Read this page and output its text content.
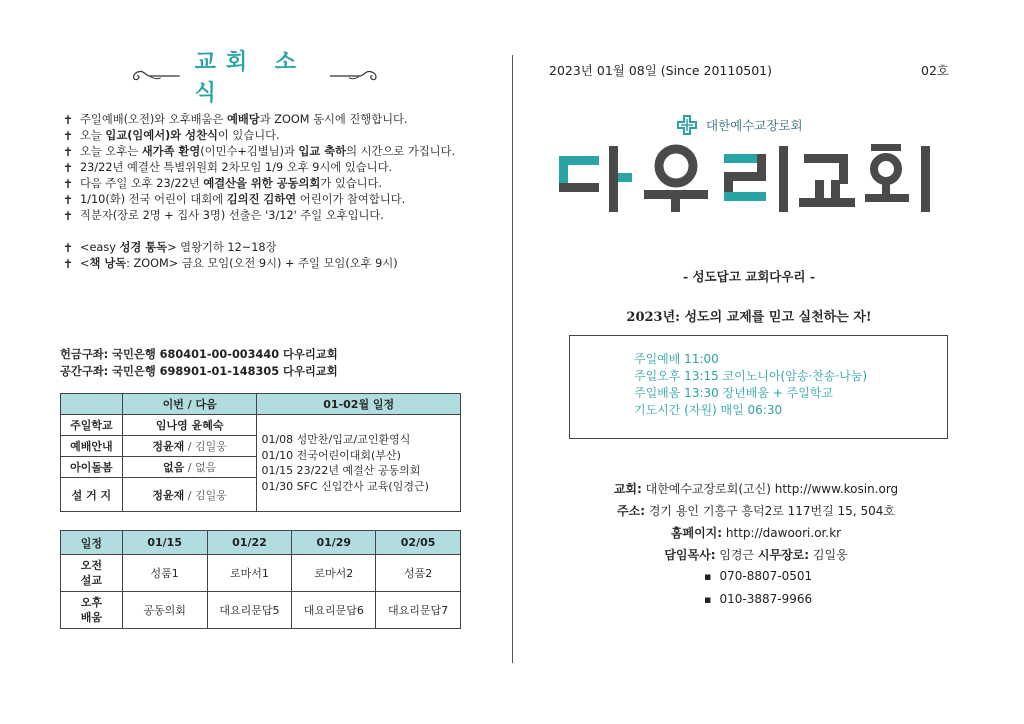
교회 소식
✝ 주일예배(오전)와 오후배움은 예배당과 ZOOM 동시에 진행합니다.
✝ 오늘 입교(임예서)와 성찬식이 있습니다.
✝ 오늘 오후는 새가족 환영(이민수+김별님)과 입교 축하의 시간으로 가집니다.
✝ 23/22년 예결산 특별위원회 2차모임 1/9 오후 9시에 있습니다.
✝ 다음 주일 오후 23/22년 예결산을 위한 공동의회가 있습니다.
✝ 1/10(화) 전국 어린이 대회에 김의진 김하연 어린이가 참여합니다.
✝ 직분자(장로 2명 + 집사 3명) 선출은 '3/12' 주일 오후입니다.
✝ <easy 성경 통독> 열왕기하 12~18장
✝ <책 낭독: ZOOM> 금요 모임(오전 9시) + 주일 모임(오후 9시)
헌금구좌: 국민은행 680401-00-003440 다우리교회
공간구좌: 국민은행 698901-01-148305 다우리교회
	이번 / 다음	01-02월 일정
주일학교	임나영 윤혜숙	01/08 성만찬/입교/교인환영식
01/10 전국어린이대회(부산)
01/15 23/22년 예결산 공동의회
01/30 SFC 신입간사 교육(임경근)

예배안내	정윤재 / 김일웅	
아이돌봄	없음 / 없음	
설 거 지	정윤재 / 김일웅	
일정	01/15	01/22	01/29	02/05
오전
설교	성품1	로마서1	로마서2	성품2
오후
배움	공동의회	대요리문답5	대요리문답6	대요리문답7
2023년 01월 08일 (Since 20110501)	02호
대한예수교장로회
- 성도답고 교회다우리 -
2023년: 성도의 교제를 믿고 실천하는 자!
주일예배 11:00
주일오후 13:15 코이노니아(암송·찬송·나눔)
주일배움 13:30 장년배움 + 주일학교
기도시간 (자원) 매일 06:30
교회: 대한예수교장로회(고신) http://www.kosin.org
주소: 경기 용인 기흥구 흥덕2로 117번길 15, 504호
홈페이지: http://dawoori.or.kr
담임목사: 임경근 시무장로: 김일웅
▪ 070-8807-0501
▪ 010-3887-9966
